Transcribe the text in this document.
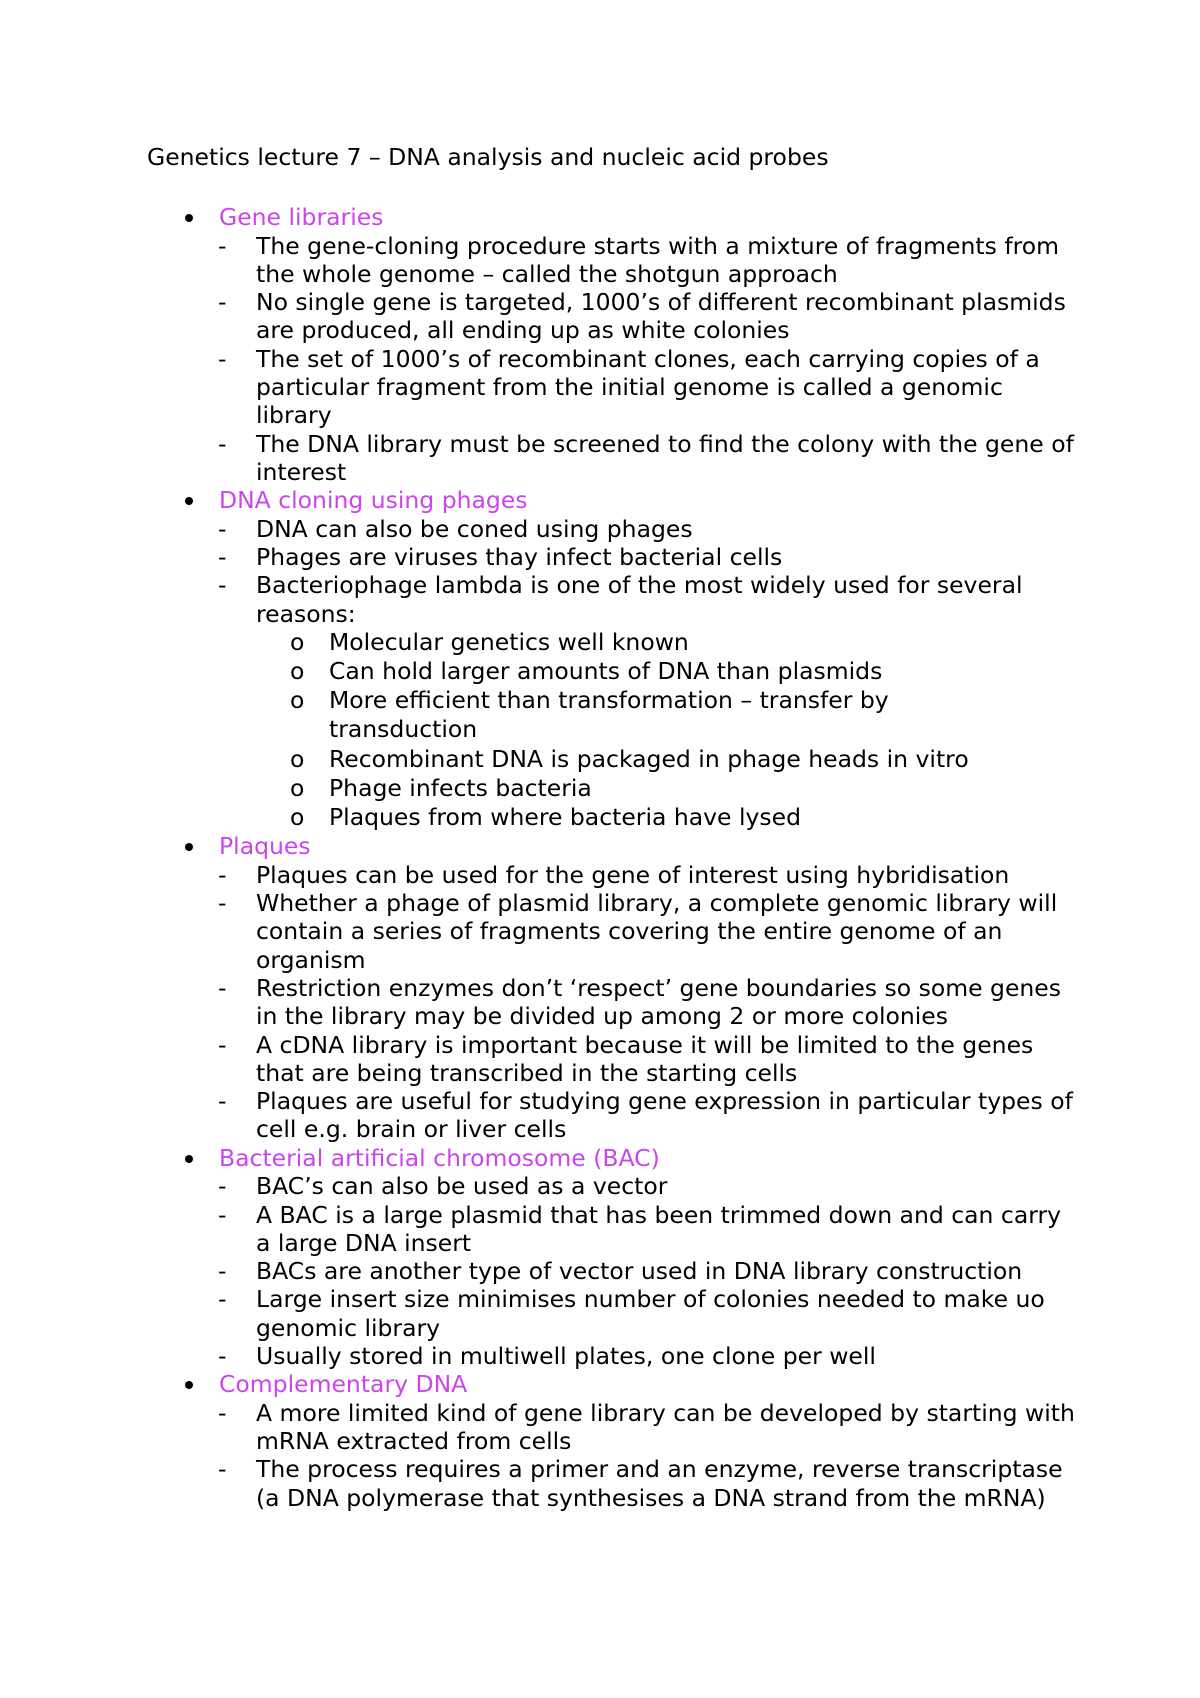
Genetics lecture 7 – DNA analysis and nucleic acid probes
Gene libraries
- The gene-cloning procedure starts with a mixture of fragments from the whole genome – called the shotgun approach
- No single gene is targeted, 1000’s of different recombinant plasmids are produced, all ending up as white colonies
- The set of 1000’s of recombinant clones, each carrying copies of a particular fragment from the initial genome is called a genomic library
- The DNA library must be screened to find the colony with the gene of interest
DNA cloning using phages
- DNA can also be coned using phages
- Phages are viruses thay infect bacterial cells
- Bacteriophage lambda is one of the most widely used for several reasons:
o Molecular genetics well known
o Can hold larger amounts of DNA than plasmids
o More efficient than transformation – transfer by transduction
o Recombinant DNA is packaged in phage heads in vitro
o Phage infects bacteria
o Plaques from where bacteria have lysed
Plaques
- Plaques can be used for the gene of interest using hybridisation
- Whether a phage of plasmid library, a complete genomic library will contain a series of fragments covering the entire genome of an organism
- Restriction enzymes don’t ‘respect’ gene boundaries so some genes in the library may be divided up among 2 or more colonies
- A cDNA library is important because it will be limited to the genes that are being transcribed in the starting cells
- Plaques are useful for studying gene expression in particular types of cell e.g. brain or liver cells
Bacterial artificial chromosome (BAC)
- BAC’s can also be used as a vector
- A BAC is a large plasmid that has been trimmed down and can carry a large DNA insert
- BACs are another type of vector used in DNA library construction
- Large insert size minimises number of colonies needed to make uo genomic library
- Usually stored in multiwell plates, one clone per well
Complementary DNA
- A more limited kind of gene library can be developed by starting with mRNA extracted from cells
- The process requires a primer and an enzyme, reverse transcriptase (a DNA polymerase that synthesises a DNA strand from the mRNA)
